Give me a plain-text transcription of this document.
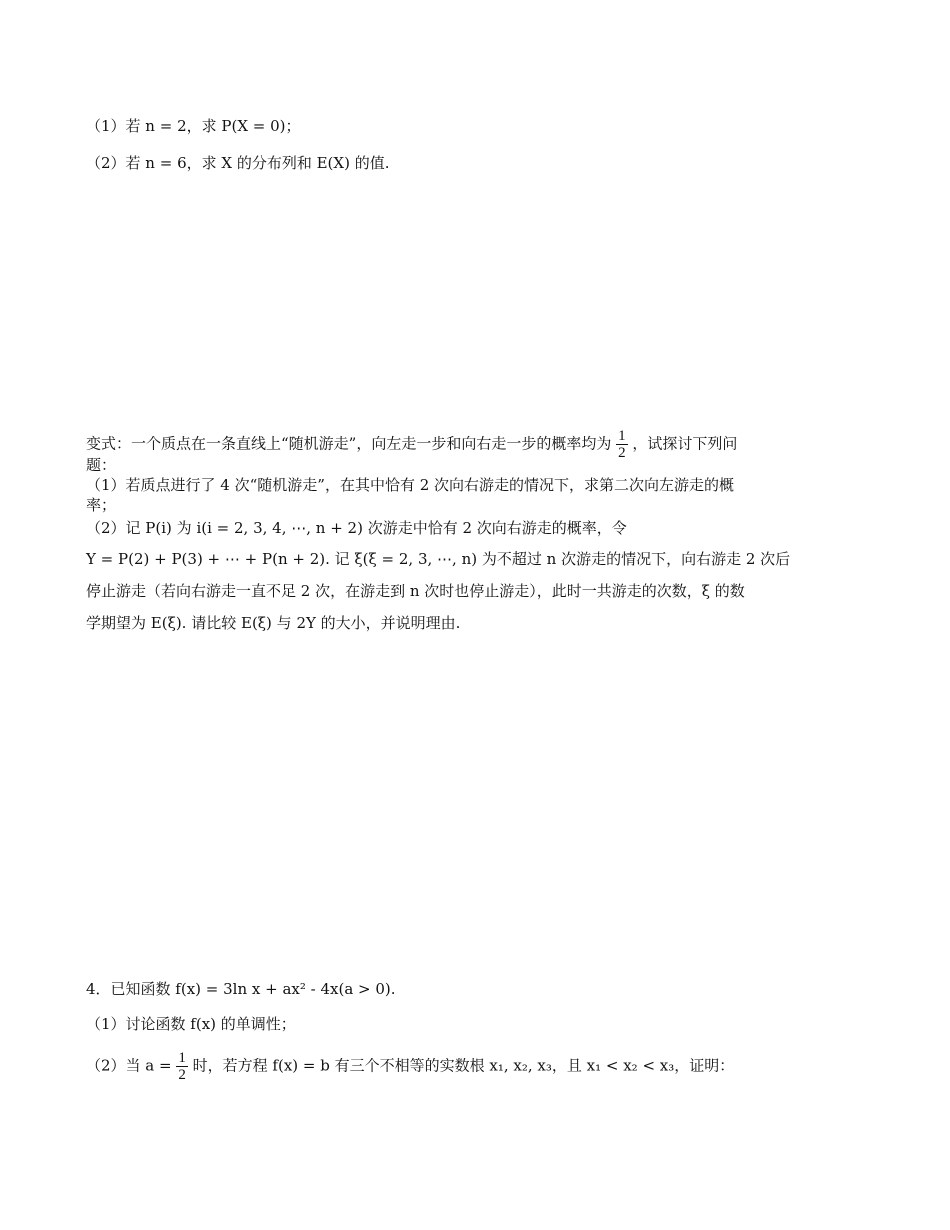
（1）若 n = 2，求 P(X = 0)；
（2）若 n = 6，求 X 的分布列和 E(X) 的值.
变式：一个质点在一条直线上“随机游走”，向左走一步和向右走一步的概率均为 $\frac{1}{2}$ ，试探讨下列问
题：
（1）若质点进行了 4 次“随机游走”，在其中恰有 2 次向右游走的情况下，求第二次向左游走的概
率；
（2）记 P(i) 为 i(i = 2, 3, 4, ⋯, n + 2) 次游走中恰有 2 次向右游走的概率，令
Y = P(2) + P(3) + ⋯ + P(n + 2). 记 ξ(ξ = 2, 3, ⋯, n) 为不超过 n 次游走的情况下，向右游走 2 次后
停止游走（若向右游走一直不足 2 次，在游走到 n 次时也停止游走），此时一共游走的次数，ξ 的数
学期望为 E(ξ). 请比较 E(ξ) 与 2Y 的大小，并说明理由.
4．已知函数 f(x) = 3ln x + ax² - 4x(a > 0).
（1）讨论函数 f(x) 的单调性；
（2）当 $a = \frac{1}{2}$ 时，若方程 f(x) = b 有三个不相等的实数根 x₁, x₂, x₃，且 x₁ < x₂ < x₃，证明：
